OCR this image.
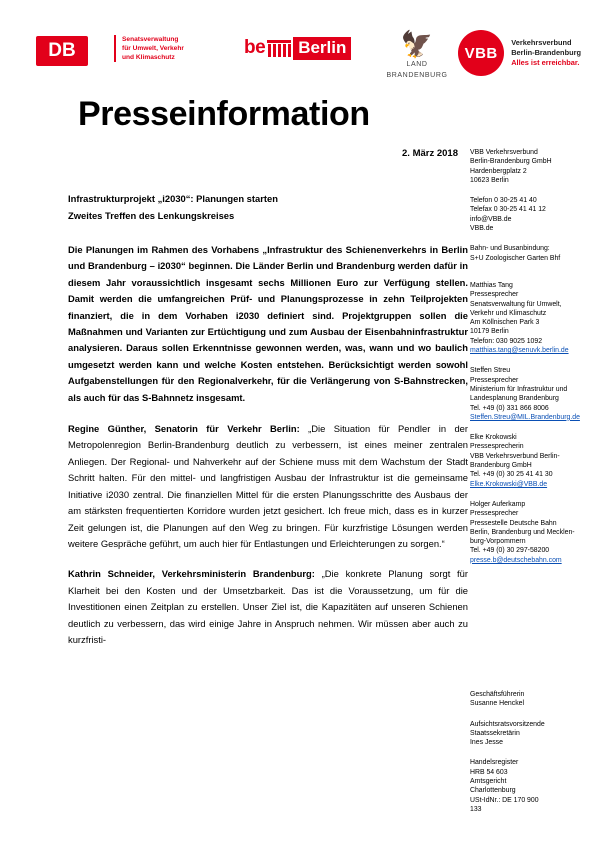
DB
Senatsverwaltung
für Umwelt, Verkehr
und Klimaschutz	be Berlin	🦅
LAND
BRANDENBURG
VBB
Verkehrsverbund
Berlin-Brandenburg
Alles ist erreichbar.
Presseinformation
2. März 2018
Infrastrukturprojekt „i2030“: Planungen starten
Zweites Treffen des Lenkungskreises
Die Planungen im Rahmen des Vorhabens „Infrastruktur des Schienenverkehrs in Berlin und Brandenburg – i2030“ beginnen. Die Länder Berlin und Brandenburg werden dafür in diesem Jahr voraussichtlich insgesamt sechs Millionen Euro zur Verfügung stellen. Damit werden die umfangreichen Prüf- und Planungsprozesse in zehn Teilprojekten finanziert, die in dem Vorhaben i2030 definiert sind. Projektgruppen sollen die Maßnahmen und Varianten zur Ertüchtigung und zum Ausbau der Eisenbahninfrastruktur analysieren. Daraus sollen Erkenntnisse gewonnen werden, was, wann und wo baulich umgesetzt werden kann und welche Kosten entstehen. Berücksichtigt werden sowohl Aufgabenstellungen für den Regionalverkehr, für die Verlängerung von S-Bahnstrecken, als auch für das S-Bahnnetz insgesamt.
Regine Günther, Senatorin für Verkehr Berlin: „Die Situation für Pendler in der Metropolenregion Berlin-Brandenburg deutlich zu verbessern, ist eines meiner zentralen Anliegen. Der Regional- und Nahverkehr auf der Schiene muss mit dem Wachstum der Stadt Schritt halten. Für den mittel- und langfristigen Ausbau der Infrastruktur ist die gemeinsame Initiative i2030 zentral. Die finanziellen Mittel für die ersten Planungsschritte des Ausbaus der am stärksten frequentierten Korridore wurden jetzt gesichert. Ich freue mich, dass es in kurzer Zeit gelungen ist, die Planungen auf den Weg zu bringen. Für kurzfristige Lösungen werden weitere Gespräche geführt, um auch hier für Entlastungen und Erleichterungen zu sorgen.“
Kathrin Schneider, Verkehrsministerin Brandenburg: „Die konkrete Planung sorgt für Klarheit bei den Kosten und der Umsetzbarkeit. Das ist die Voraussetzung, um für die Investitionen einen Zeitplan zu erstellen. Unser Ziel ist, die Kapazitäten auf unseren Schienen deutlich zu verbessern, das wird einige Jahre in Anspruch nehmen. Wir müssen aber auch zu kurzfristi-
VBB Verkehrsverbund
Berlin-Brandenburg GmbH
Hardenbergplatz 2
10623 Berlin
Telefon 0 30-25 41 40
Telefax 0 30-25 41 41 12
info@VBB.de
VBB.de
Bahn- und Busanbindung:
S+U Zoologischer Garten Bhf
Matthias Tang
Pressesprecher
Senatsverwaltung für Umwelt,
Verkehr und Klimaschutz
Am Köllnischen Park 3
10179 Berlin
Telefon: 030 9025 1092
matthias.tang@senuvk.berlin.de
Steffen Streu
Pressesprecher
Ministerium für Infrastruktur und
Landesplanung Brandenburg
Tel. +49 (0) 331 866 8006
Steffen.Streu@MIL.Brandenburg.de
Elke Krokowski
Pressesprecherin
VBB Verkehrsverbund Berlin-
Brandenburg GmbH
Tel. +49 (0) 30 25 41 41 30
Elke.Krokowski@VBB.de
Holger Auferkamp
Pressesprecher
Pressestelle Deutsche Bahn
Berlin, Brandenburg und Mecklen-
burg-Vorpommern
Tel. +49 (0) 30 297-58200
presse.b@deutschebahn.com
Geschäftsführerin
Susanne Henckel
Aufsichtsratsvorsitzende
Staatssekretärin
Ines Jesse
Handelsregister
HRB 54 603
Amtsgericht
Charlottenburg
USt-IdNr.: DE 170 900
133
